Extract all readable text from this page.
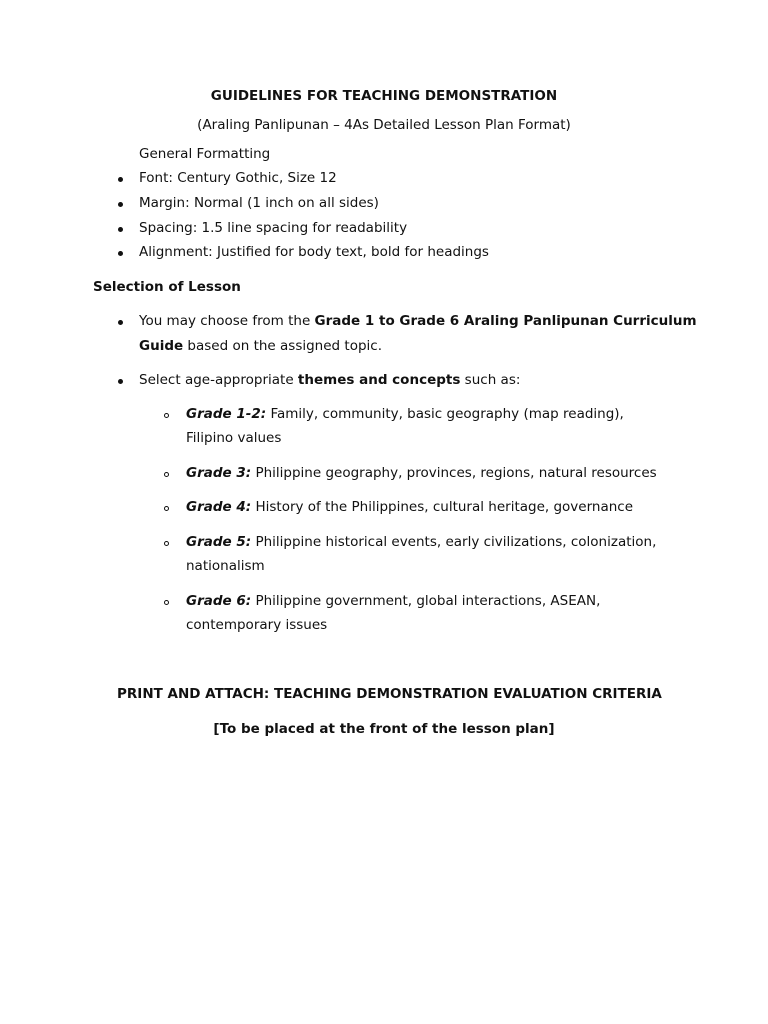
GUIDELINES FOR TEACHING DEMONSTRATION
(Araling Panlipunan – 4As Detailed Lesson Plan Format)
General Formatting
Font: Century Gothic, Size 12
Margin: Normal (1 inch on all sides)
Spacing: 1.5 line spacing for readability
Alignment: Justified for body text, bold for headings
Selection of Lesson
You may choose from the Grade 1 to Grade 6 Araling Panlipunan Curriculum
Guide based on the assigned topic.
Select age-appropriate themes and concepts such as:
Grade 1-2: Family, community, basic geography (map reading),
Filipino values
Grade 3: Philippine geography, provinces, regions, natural resources
Grade 4: History of the Philippines, cultural heritage, governance
Grade 5: Philippine historical events, early civilizations, colonization,
nationalism
Grade 6: Philippine government, global interactions, ASEAN,
contemporary issues
PRINT AND ATTACH: TEACHING DEMONSTRATION EVALUATION CRITERIA
[To be placed at the front of the lesson plan]
